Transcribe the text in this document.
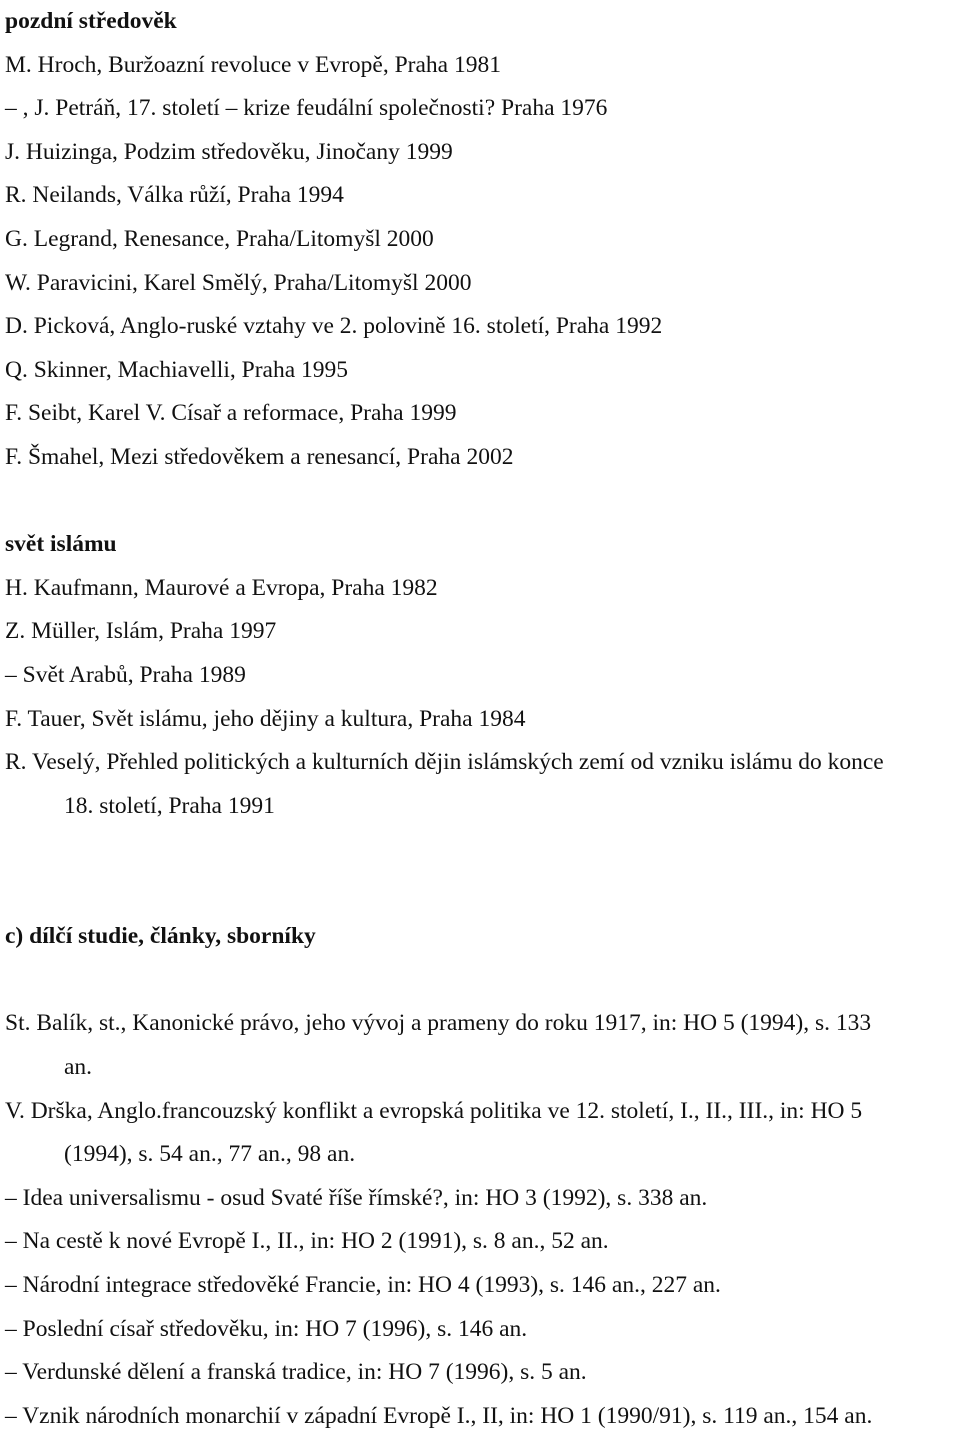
pozdní středověk
M. Hroch, Buržoazní revoluce v Evropě, Praha 1981
– , J. Petráň, 17. století – krize feudální společnosti? Praha 1976
J. Huizinga, Podzim středověku, Jinočany 1999
R. Neilands, Válka růží, Praha 1994
G. Legrand, Renesance, Praha/Litomyšl 2000
W. Paravicini, Karel Smělý, Praha/Litomyšl 2000
D. Picková, Anglo-ruské vztahy ve 2. polovině 16. století, Praha 1992
Q. Skinner, Machiavelli, Praha 1995
F. Seibt, Karel V. Císař a reformace, Praha 1999
F. Šmahel, Mezi středověkem a renesancí, Praha 2002
svět islámu
H. Kaufmann, Maurové a Evropa, Praha 1982
Z. Müller, Islám, Praha 1997
– Svět Arabů, Praha 1989
F. Tauer, Svět islámu, jeho dějiny a kultura, Praha 1984
R. Veselý, Přehled politických a kulturních dějin islámských zemí od vzniku islámu do konce
18. století, Praha 1991
c) dílčí studie, články, sborníky
St. Balík, st., Kanonické právo, jeho vývoj a prameny do roku 1917, in: HO 5 (1994), s. 133
an.
V. Drška, Anglo.francouzský konflikt a evropská politika ve 12. století, I., II., III., in: HO 5
(1994), s. 54 an., 77 an., 98 an.
– Idea universalismu - osud Svaté říše římské?, in: HO 3 (1992), s. 338 an.
– Na cestě k nové Evropě I., II., in: HO 2 (1991), s. 8 an., 52 an.
– Národní integrace středověké Francie, in: HO 4 (1993), s. 146 an., 227 an.
– Poslední císař středověku, in: HO 7 (1996), s. 146 an.
– Verdunské dělení a franská tradice, in: HO 7 (1996), s. 5 an.
– Vznik národních monarchií v západní Evropě I., II, in: HO 1 (1990/91), s. 119 an., 154 an.
